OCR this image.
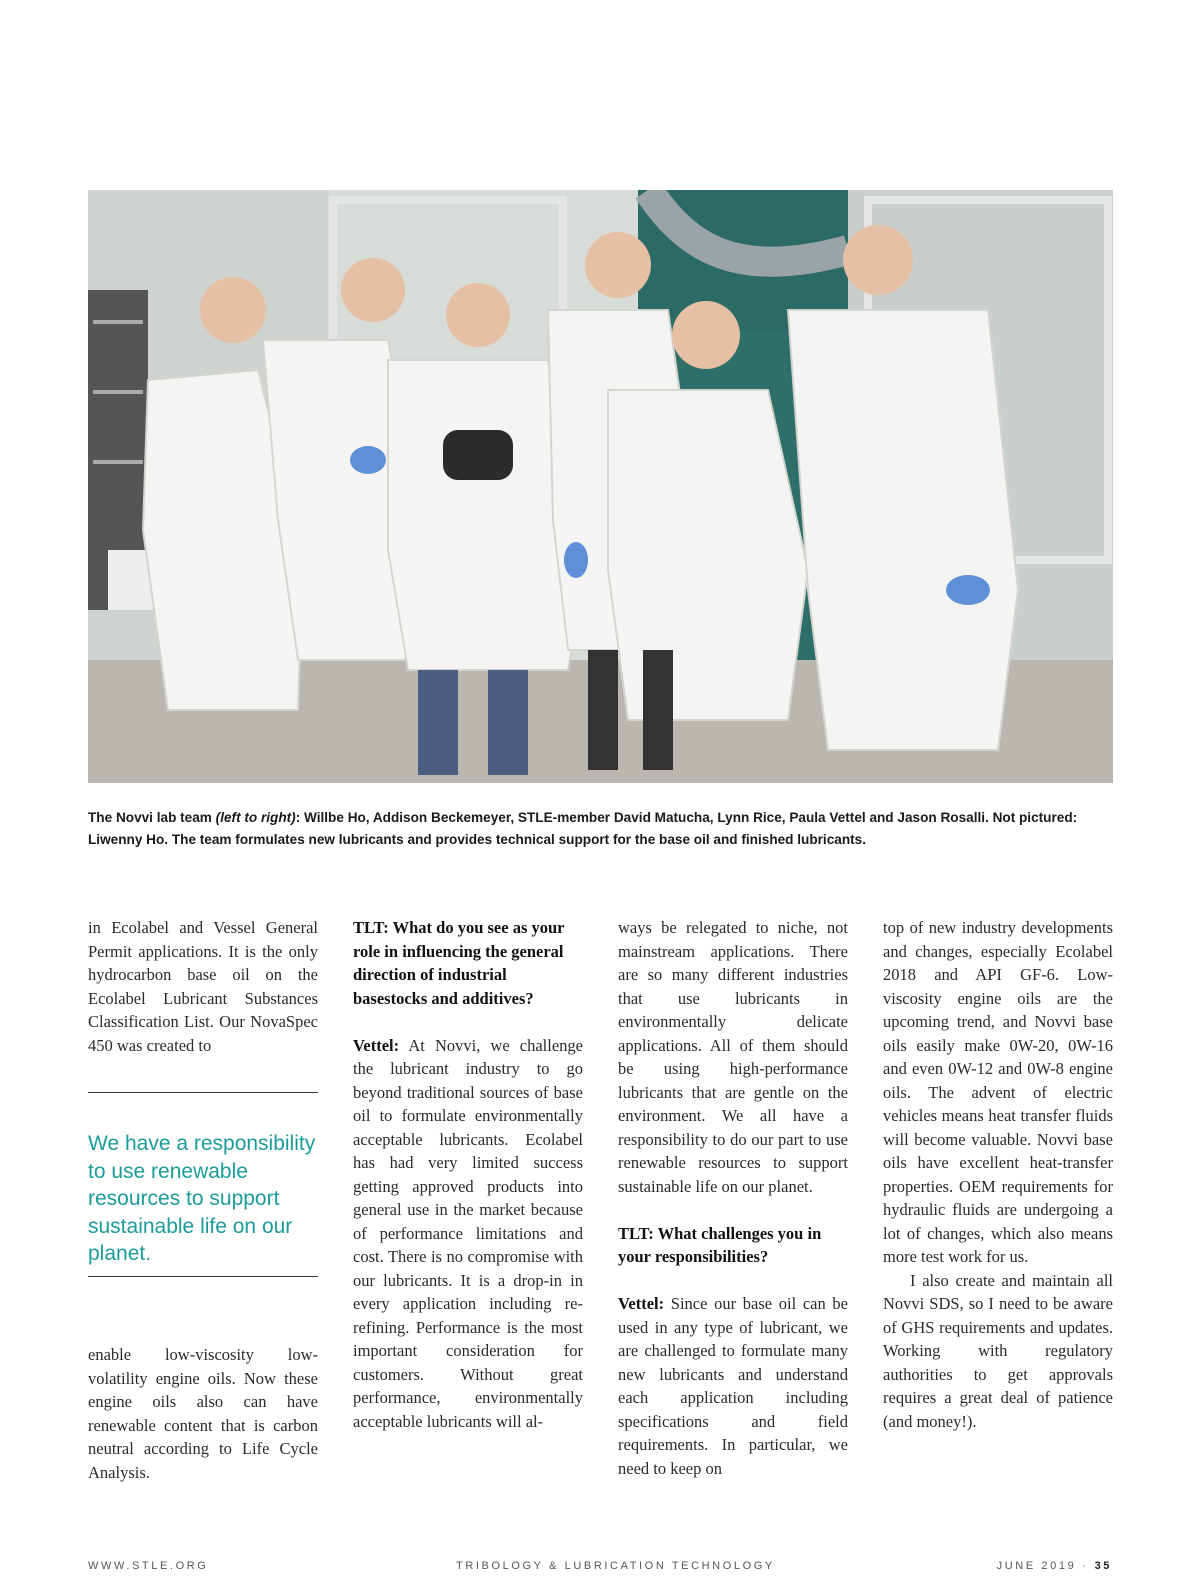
The Novvi lab team (left to right): Willbe Ho, Addison Beckemeyer, STLE-member David Matucha, Lynn Rice, Paula Vettel and Jason Rosalli. Not pictured: Liwenny Ho. The team formulates new lubricants and provides technical support for the base oil and finished lubricants.

in Ecolabel and Vessel General Permit applications. It is the only hydrocarbon base oil on the Ecolabel Lubricant Substances Classification List. Our NovaSpec 450 was created to

We have a responsibility to use renewable resources to support sustainable life on our planet.

enable low-viscosity low-volatility engine oils. Now these engine oils also can have renewable content that is carbon neutral according to Life Cycle Analysis.

TLT: What do you see as your role in influencing the general direction of industrial basestocks and additives?

Vettel: At Novvi, we challenge the lubricant industry to go beyond traditional sources of base oil to formulate environmentally acceptable lubricants. Ecolabel has had very limited success getting approved products into general use in the market because of performance limitations and cost. There is no compromise with our lubricants. It is a drop-in in every application including re-refining. Performance is the most important consideration for customers. Without great performance, environmentally acceptable lubricants will al-

ways be relegated to niche, not mainstream applications. There are so many different industries that use lubricants in environmentally delicate applications. All of them should be using high-performance lubricants that are gentle on the environment. We all have a responsibility to do our part to use renewable resources to support sustainable life on our planet.

TLT: What challenges you in your responsibilities?

Vettel: Since our base oil can be used in any type of lubricant, we are challenged to formulate many new lubricants and understand each application including specifications and field requirements. In particular, we need to keep on

top of new industry developments and changes, especially Ecolabel 2018 and API GF-6. Low-viscosity engine oils are the upcoming trend, and Novvi base oils easily make 0W-20, 0W-16 and even 0W-12 and 0W-8 engine oils. The advent of electric vehicles means heat transfer fluids will become valuable. Novvi base oils have excellent heat-transfer properties. OEM requirements for hydraulic fluids are undergoing a lot of changes, which also means more test work for us.

I also create and maintain all Novvi SDS, so I need to be aware of GHS requirements and updates. Working with regulatory authorities to get approvals requires a great deal of patience (and money!).

WWW.STLE.ORG	TRIBOLOGY & LUBRICATION TECHNOLOGY	JUNE 2019 · 35
